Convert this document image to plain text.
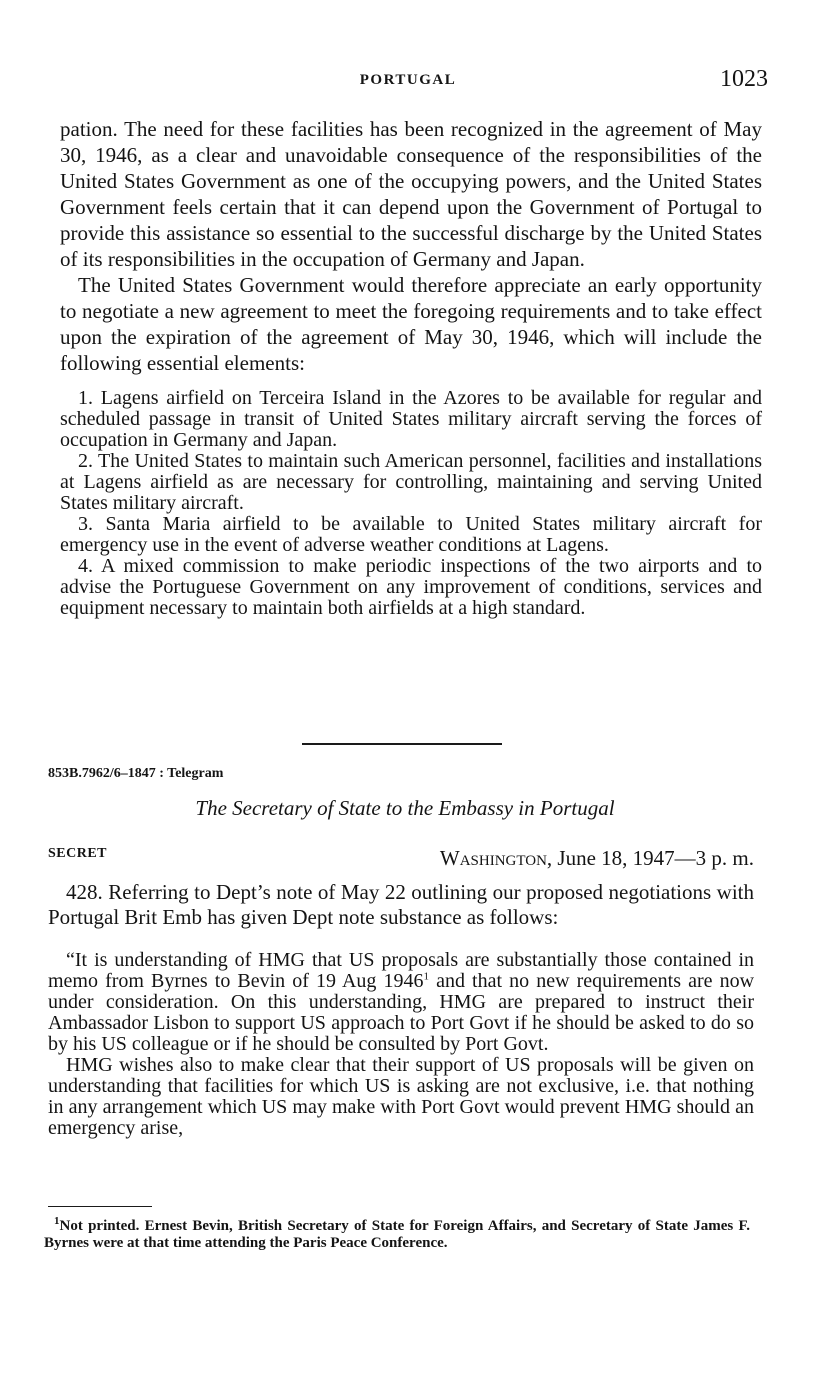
PORTUGAL	1023

pation. The need for these facilities has been recognized in the agreement of May 30, 1946, as a clear and unavoidable consequence of the responsibilities of the United States Government as one of the occupying powers, and the United States Government feels certain that it can depend upon the Government of Portugal to provide this assistance so essential to the successful discharge by the United States of its responsibilities in the occupation of Germany and Japan.

The United States Government would therefore appreciate an early opportunity to negotiate a new agreement to meet the foregoing requirements and to take effect upon the expiration of the agreement of May 30, 1946, which will include the following essential elements:

1. Lagens airfield on Terceira Island in the Azores to be available for regular and scheduled passage in transit of United States military aircraft serving the forces of occupation in Germany and Japan.

2. The United States to maintain such American personnel, facilities and installations at Lagens airfield as are necessary for controlling, maintaining and serving United States military aircraft.

3. Santa Maria airfield to be available to United States military aircraft for emergency use in the event of adverse weather conditions at Lagens.

4. A mixed commission to make periodic inspections of the two airports and to advise the Portuguese Government on any improvement of conditions, services and equipment necessary to maintain both airfields at a high standard.

853B.7962/6–1847 : Telegram
The Secretary of State to the Embassy in Portugal
SECRET	Washington, June 18, 1947—3 p. m.

428. Referring to Dept’s note of May 22 outlining our proposed negotiations with Portugal Brit Emb has given Dept note substance as follows:

“It is understanding of HMG that US proposals are substantially those contained in memo from Byrnes to Bevin of 19 Aug 1946$^1$ and that no new requirements are now under consideration. On this understanding, HMG are prepared to instruct their Ambassador Lisbon to support US approach to Port Govt if he should be asked to do so by his US colleague or if he should be consulted by Port Govt.

HMG wishes also to make clear that their support of US proposals will be given on understanding that facilities for which US is asking are not exclusive, i.e. that nothing in any arrangement which US may make with Port Govt would prevent HMG should an emergency arise,

$^1$Not printed. Ernest Bevin, British Secretary of State for Foreign Affairs, and Secretary of State James F. Byrnes were at that time attending the Paris Peace Conference.
